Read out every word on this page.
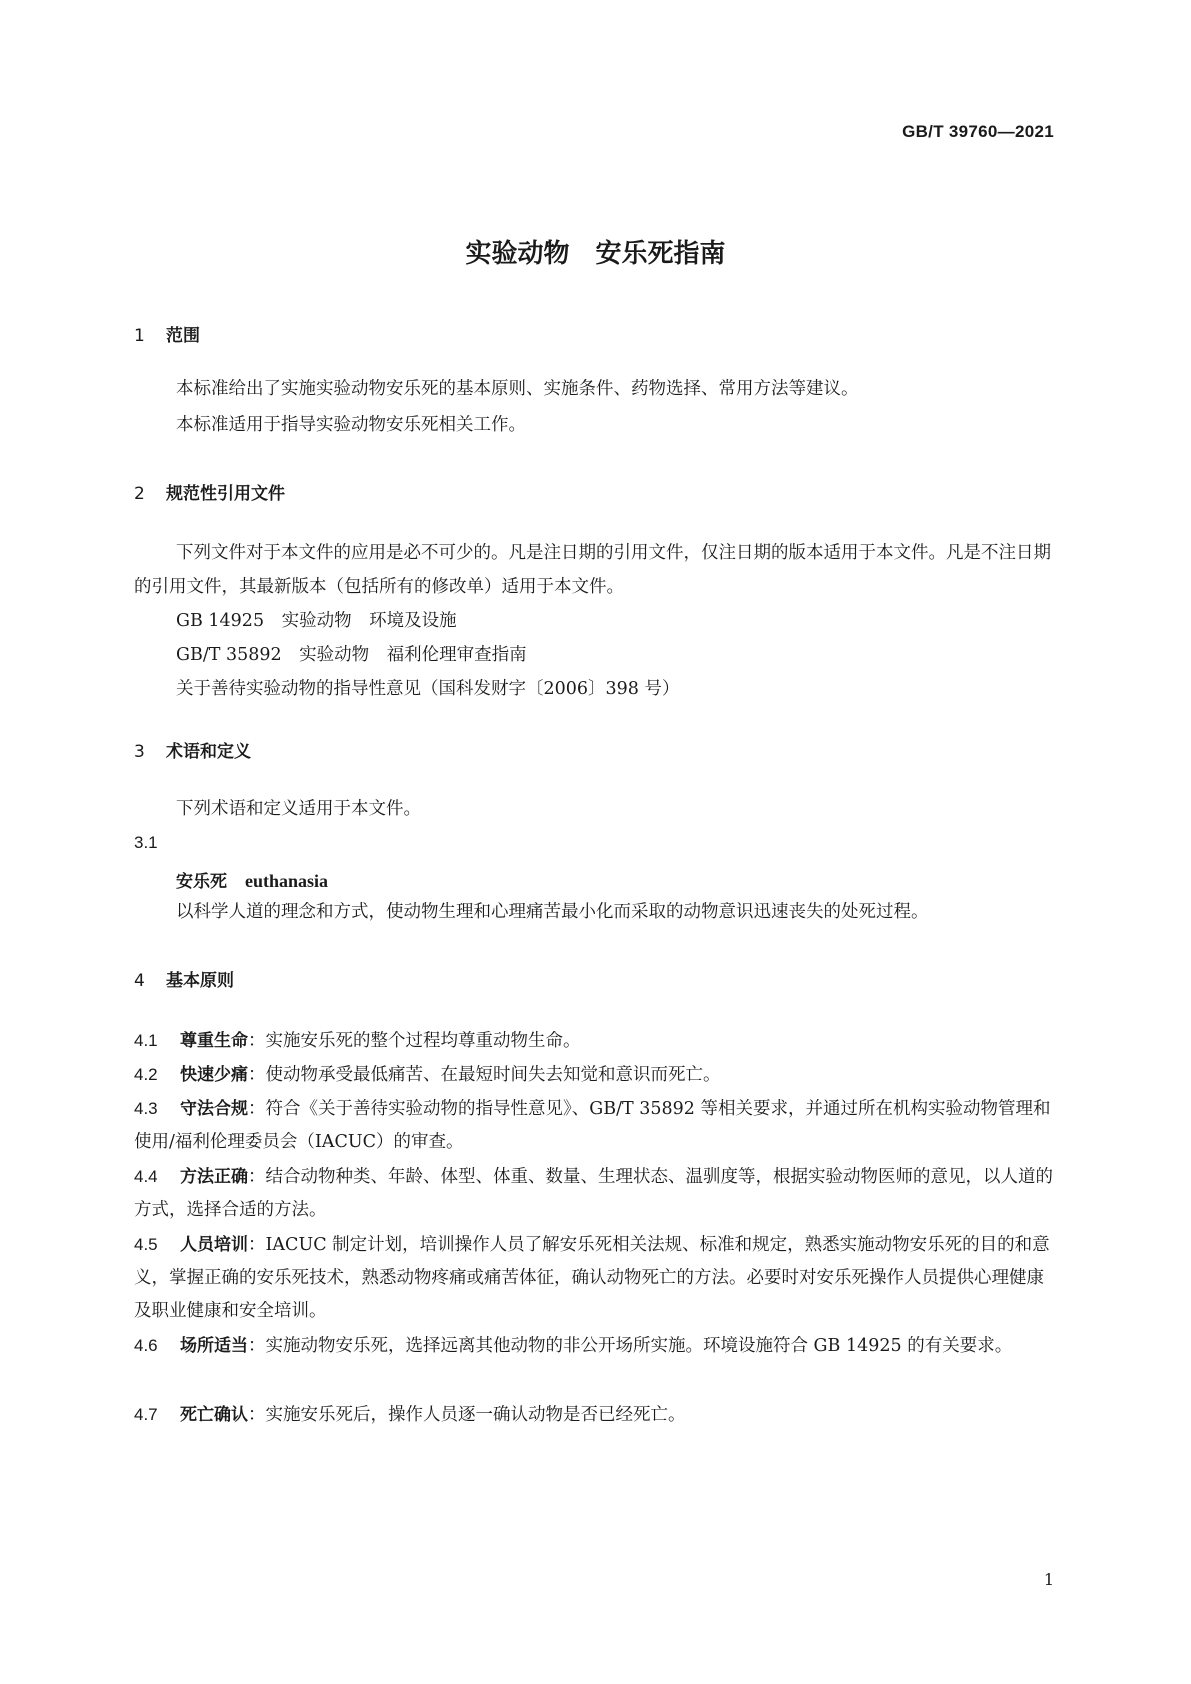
GB/T 39760—2021
实验动物　安乐死指南
1 范围
本标准给出了实施实验动物安乐死的基本原则、实施条件、药物选择、常用方法等建议。
本标准适用于指导实验动物安乐死相关工作。
2 规范性引用文件
下列文件对于本文件的应用是必不可少的。凡是注日期的引用文件，仅注日期的版本适用于本文件。凡是不注日期的引用文件，其最新版本（包括所有的修改单）适用于本文件。
GB 14925　实验动物　环境及设施
GB/T 35892　实验动物　福利伦理审查指南
关于善待实验动物的指导性意见（国科发财字〔2006〕398 号）
3 术语和定义
下列术语和定义适用于本文件。
3.1
安乐死 euthanasia
以科学人道的理念和方式，使动物生理和心理痛苦最小化而采取的动物意识迅速丧失的处死过程。
4 基本原则
4.1 尊重生命：实施安乐死的整个过程均尊重动物生命。
4.2 快速少痛：使动物承受最低痛苦、在最短时间失去知觉和意识而死亡。
4.3 守法合规：符合《关于善待实验动物的指导性意见》、GB/T 35892 等相关要求，并通过所在机构实验动物管理和使用/福利伦理委员会（IACUC）的审查。
4.4 方法正确：结合动物种类、年龄、体型、体重、数量、生理状态、温驯度等，根据实验动物医师的意见，以人道的方式，选择合适的方法。
4.5 人员培训：IACUC 制定计划，培训操作人员了解安乐死相关法规、标准和规定，熟悉实施动物安乐死的目的和意义，掌握正确的安乐死技术，熟悉动物疼痛或痛苦体征，确认动物死亡的方法。必要时对安乐死操作人员提供心理健康及职业健康和安全培训。
4.6 场所适当：实施动物安乐死，选择远离其他动物的非公开场所实施。环境设施符合 GB 14925 的有关要求。
4.7 死亡确认：实施安乐死后，操作人员逐一确认动物是否已经死亡。
1
